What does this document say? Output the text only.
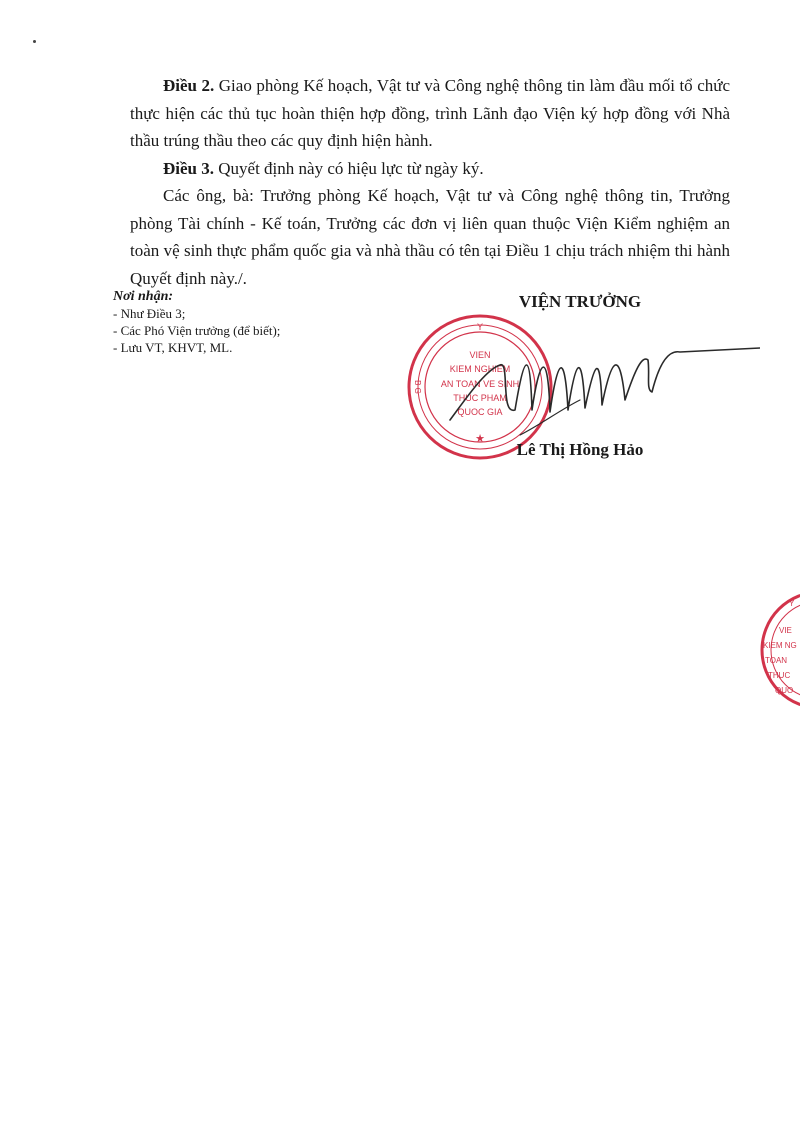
Điều 2. Giao phòng Kế hoạch, Vật tư và Công nghệ thông tin làm đầu mối tổ chức thực hiện các thủ tục hoàn thiện hợp đồng, trình Lãnh đạo Viện ký hợp đồng với Nhà thầu trúng thầu theo các quy định hiện hành.

Điều 3. Quyết định này có hiệu lực từ ngày ký.

Các ông, bà: Trưởng phòng Kế hoạch, Vật tư và Công nghệ thông tin, Trưởng phòng Tài chính - Kế toán, Trưởng các đơn vị liên quan thuộc Viện Kiểm nghiệm an toàn vệ sinh thực phẩm quốc gia và nhà thầu có tên tại Điều 1 chịu trách nhiệm thi hành Quyết định này./.

Nơi nhận:
- Như Điều 3;
- Các Phó Viện trưởng (để biết);
- Lưu VT, KHVT, ML.
VIỆN TRƯỞNG
Y
B G
VIEN
KIEM NGHIEM
AN TOAN VE SINH
THUC PHAM
QUOC GIA
★
Lê Thị Hồng Hảo
Y
VIE
KIEM NG
TOAN
THUC
QUO
